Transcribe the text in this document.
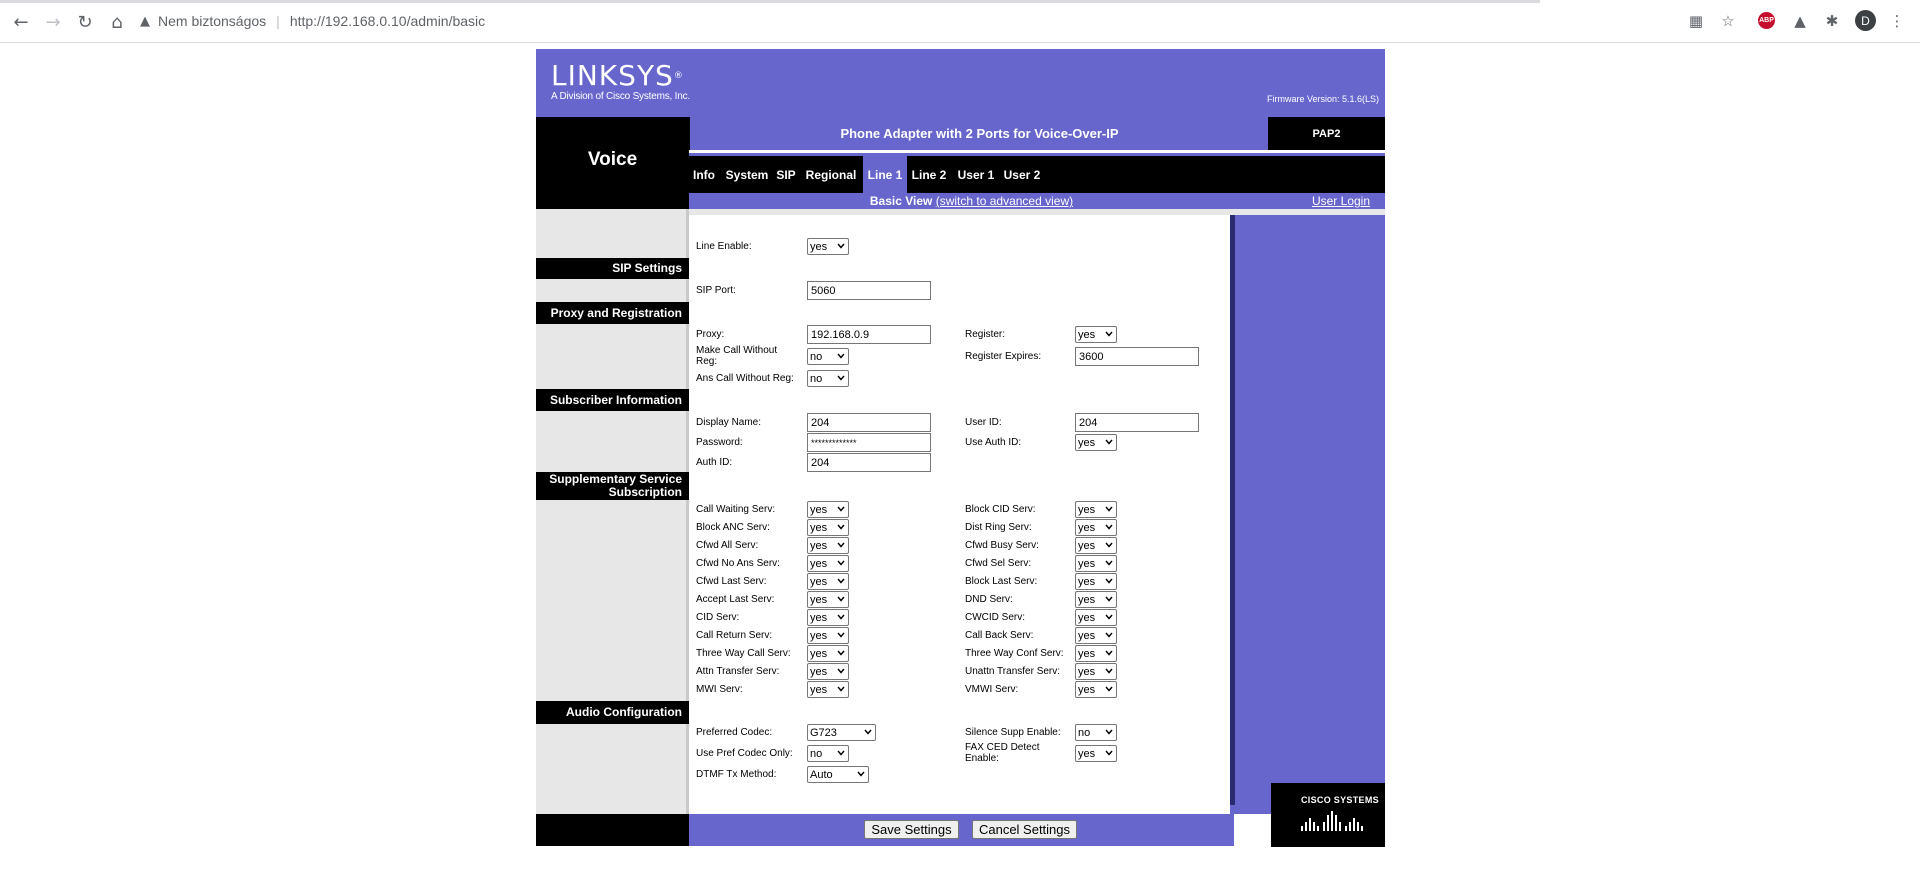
← → ↻	⌂	▲ Nem biztonságos | http://192.168.0.10/admin/basic	▦ ☆	ABP ▲ ✱	D	⋮
LINKSYS®
A Division of Cisco Systems, Inc.	Firmware Version: 5.1.6(LS)
Voice
Phone Adapter with 2 Ports for Voice-Over-IP	PAP2
Info System SIP Regional Line 1 Line 2 User 1 User 2
Basic View (switch to advanced view)	User Login
SIP Settings
Proxy and Registration
Subscriber Information
Supplementary Service
Subscription
Audio Configuration
Line Enable:	yes
SIP Port:	5060
Proxy:	192.168.0.9	Register:	yes
Make Call Without
Reg:	no	Register Expires:	3600
Ans Call Without Reg: no
Display Name:	204	User ID:	204
Password:	*************	Use Auth ID:	yes
Auth ID:	204
Call Waiting Serv:	yes	Block CID Serv:	yes
Block ANC Serv:	yes	Dist Ring Serv:	yes
Cfwd All Serv:	yes	Cfwd Busy Serv:	yes
Cfwd No Ans Serv:	yes	Cfwd Sel Serv:	yes
Cfwd Last Serv:	yes	Block Last Serv:	yes
Accept Last Serv:	yes	DND Serv:	yes
CID Serv:	yes	CWCID Serv:	yes
Call Return Serv:	yes	Call Back Serv:	yes
Three Way Call Serv: yes	Three Way Conf Serv: yes
Attn Transfer Serv:	yes	Unattn Transfer Serv: yes
MWI Serv:	yes	VMWI Serv:	yes
Preferred Codec:	G723	Silence Supp Enable: no
Use Pref Codec Only: no	FAX CED Detect
Enable:	yes
DTMF Tx Method:	Auto
Save Settings	Cancel Settings
CISCO SYSTEMS
